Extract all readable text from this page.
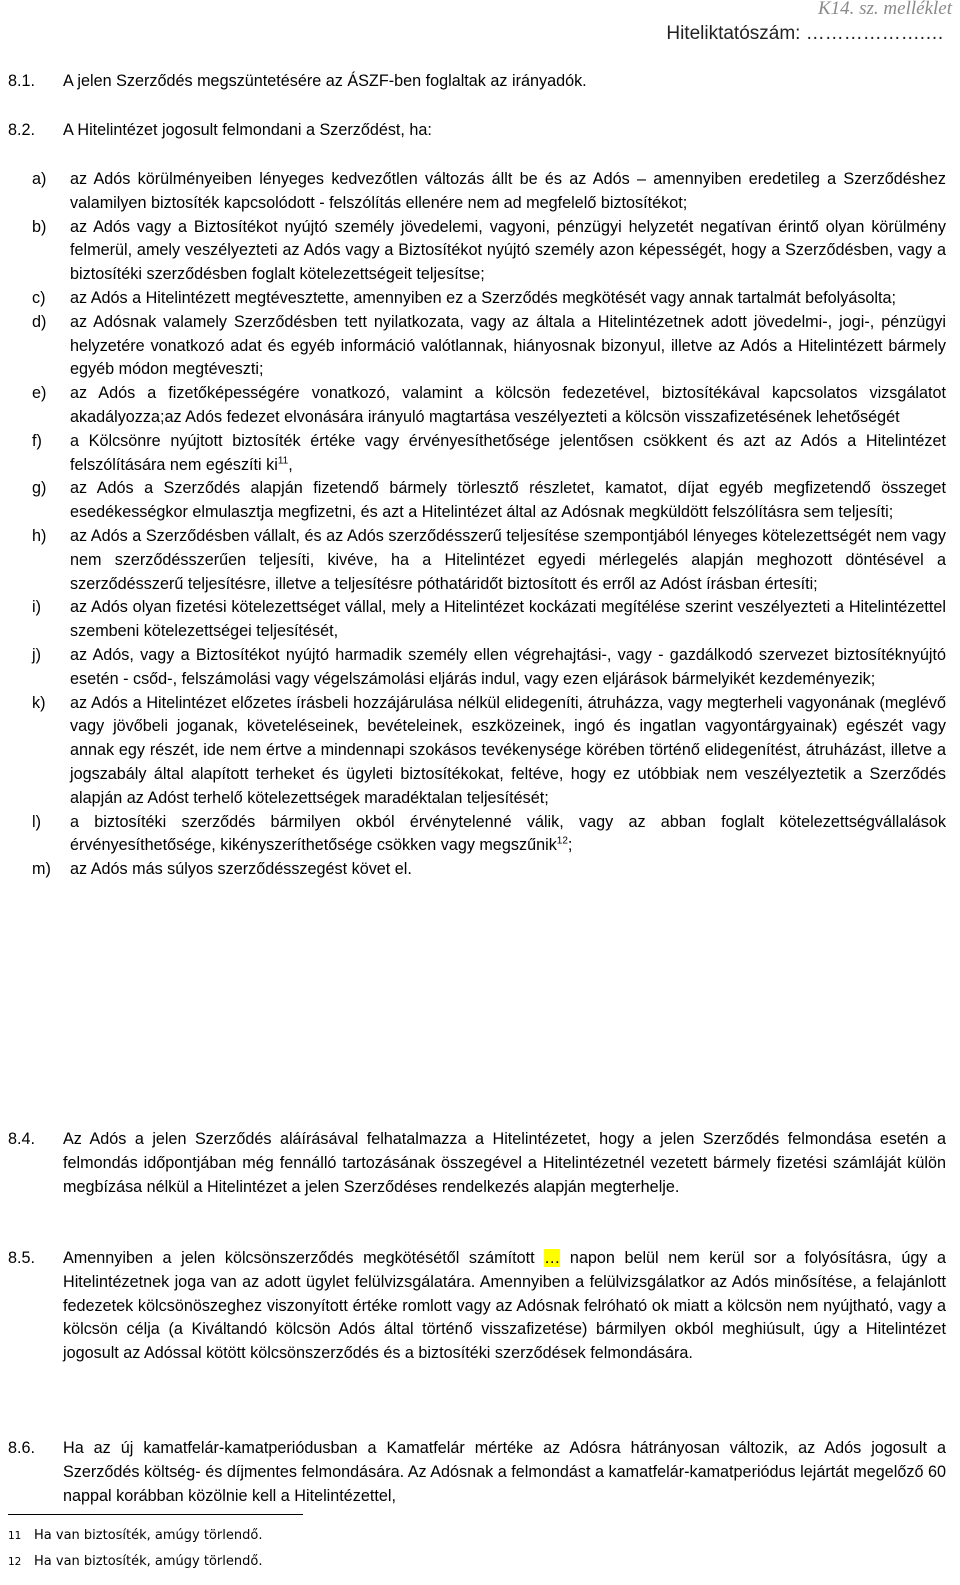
K14. sz. melléklet
Hiteliktatószám: ……………….…
8.1. A jelen Szerződés megszüntetésére az ÁSZF-ben foglaltak az irányadók.
8.2. A Hitelintézet jogosult felmondani a Szerződést, ha:
a) az Adós körülményeiben lényeges kedvezőtlen változás állt be és az Adós – amennyiben eredetileg a Szerződéshez valamilyen biztosíték kapcsolódott - felszólítás ellenére nem ad megfelelő biztosítékot;
b) az Adós vagy a Biztosítékot nyújtó személy jövedelemi, vagyoni, pénzügyi helyzetét negatívan érintő olyan körülmény felmerül, amely veszélyezteti az Adós vagy a Biztosítékot nyújtó személy azon képességét, hogy a Szerződésben, vagy a biztosítéki szerződésben foglalt kötelezettségeit teljesítse;
c) az Adós a Hitelintézett megtévesztette, amennyiben ez a Szerződés megkötését vagy annak tartalmát befolyásolta;
d) az Adósnak valamely Szerződésben tett nyilatkozata, vagy az általa a Hitelintézetnek adott jövedelmi-, jogi-, pénzügyi helyzetére vonatkozó adat és egyéb információ valótlannak, hiányosnak bizonyul, illetve az Adós a Hitelintézett bármely egyéb módon megtéveszti;
e) az Adós a fizetőképességére vonatkozó, valamint a kölcsön fedezetével, biztosítékával kapcsolatos vizsgálatot akadályozza;az Adós fedezet elvonására irányuló magtartása veszélyezteti a kölcsön visszafizetésének lehetőségét
f) a Kölcsönre nyújtott biztosíték értéke vagy érvényesíthetősége jelentősen csökkent és azt az Adós a Hitelintézet felszólítására nem egészíti $ki^{11}$,
g) az Adós a Szerződés alapján fizetendő bármely törlesztő részletet, kamatot, díjat egyéb megfizetendő összeget esedékességkor elmulasztja megfizetni, és azt a Hitelintézet által az Adósnak megküldött felszólításra sem teljesíti;
h) az Adós a Szerződésben vállalt, és az Adós szerződésszerű teljesítése szempontjából lényeges kötelezettségét nem vagy nem szerződésszerűen teljesíti, kivéve, ha a Hitelintézet egyedi mérlegelés alapján meghozott döntésével a szerződésszerű teljesítésre, illetve a teljesítésre póthatáridőt biztosított és erről az Adóst írásban értesíti;
i) az Adós olyan fizetési kötelezettséget vállal, mely a Hitelintézet kockázati megítélése szerint veszélyezteti a Hitelintézettel szembeni kötelezettségei teljesítését,
j) az Adós, vagy a Biztosítékot nyújtó harmadik személy ellen végrehajtási-, vagy - gazdálkodó szervezet biztosítéknyújtó esetén - csőd-, felszámolási vagy végelszámolási eljárás indul, vagy ezen eljárások bármelyikét kezdeményezik;
k) az Adós a Hitelintézet előzetes írásbeli hozzájárulása nélkül elidegeníti, átruházza, vagy megterheli vagyonának (meglévő vagy jövőbeli joganak, követeléseinek, bevételeinek, eszközeinek, ingó és ingatlan vagyontárgyainak) egészét vagy annak egy részét, ide nem értve a mindennapi szokásos tevékenysége körében történő elidegenítést, átruházást, illetve a jogszabály által alapított terheket és ügyleti biztosítékokat, feltéve, hogy ez utóbbiak nem veszélyeztetik a Szerződés alapján az Adóst terhelő kötelezettségek maradéktalan teljesítését;
l) a biztosítéki szerződés bármilyen okból érvénytelenné válik, vagy az abban foglalt kötelezettségvállalások érvényesíthetősége, kikényszeríthetősége csökken vagy megszűnik$^{12}$;
m) az Adós más súlyos szerződésszegést követ el.
8.4. Az Adós a jelen Szerződés aláírásával felhatalmazza a Hitelintézetet, hogy a jelen Szerződés felmondása esetén a felmondás időpontjában még fennálló tartozásának összegével a Hitelintézetnél vezetett bármely fizetési számláját külön megbízása nélkül a Hitelintézet a jelen Szerződéses rendelkezés alapján megterhelje.
8.5. Amennyiben a jelen kölcsönszerződés megkötésétől számított … napon belül nem kerül sor a folyósításra, úgy a Hitelintézetnek joga van az adott ügylet felülvizsgálatára. Amennyiben a felülvizsgálatkor az Adós minősítése, a felajánlott fedezetek kölcsönöszeghez viszonyított értéke romlott vagy az Adósnak felróható ok miatt a kölcsön nem nyújthatό, vagy a kölcsön célja (a Kiváltandó kölcsön Adós által történő visszafizetése) bármilyen okból meghiúsult, úgy a Hitelintézet jogosult az Adóssal kötött kölcsönszerződés és a biztosítéki szerződések felmondására.
8.6. Ha az új kamatfelár-kamatperiódusban a Kamatfelár mértéke az Adósra hátrányosan változik, az Adós jogosult a Szerződés költség- és díjmentes felmondására. Az Adósnak a felmondást a kamatfelár-kamatperiódus lejártát megelőző 60 nappal korábban közölnie kell a Hitelintézettel,
11 Ha van biztosíték, amúgy törlendő.
12 Ha van biztosíték, amúgy törlendő.
